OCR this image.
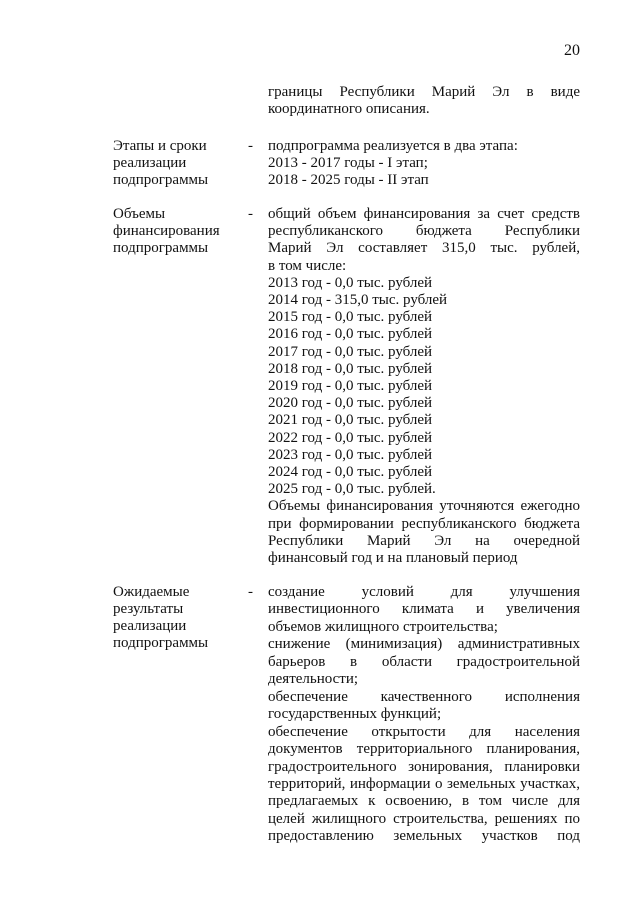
20
границы Республики Марий Эл в виде
координатного описания.
Этапы и сроки
реализации
подпрограммы
- подпрограмма реализуется в два этапа:
2013 - 2017 годы - I этап;
2018 - 2025 годы - II этап
Объемы
финансирования
подпрограммы
- общий объем финансирования за счет средств
республиканского бюджета Республики
Марий Эл составляет 315,0 тыс. рублей,
в том числе:
2013 год - 0,0 тыс. рублей
2014 год - 315,0 тыс. рублей
2015 год - 0,0 тыс. рублей
2016 год - 0,0 тыс. рублей
2017 год - 0,0 тыс. рублей
2018 год - 0,0 тыс. рублей
2019 год - 0,0 тыс. рублей
2020 год - 0,0 тыс. рублей
2021 год - 0,0 тыс. рублей
2022 год - 0,0 тыс. рублей
2023 год - 0,0 тыс. рублей
2024 год - 0,0 тыс. рублей
2025 год - 0,0 тыс. рублей.
Объемы финансирования уточняются ежегодно
при формировании республиканского бюджета
Республики Марий Эл на очередной
финансовый год и на плановый период
Ожидаемые
результаты
реализации
подпрограммы
- создание условий для улучшения
инвестиционного климата и увеличения
объемов жилищного строительства;
снижение (минимизация) административных
барьеров в области градостроительной
деятельности;
обеспечение качественного исполнения
государственных функций;
обеспечение открытости для населения
документов территориального планирования,
градостроительного зонирования, планировки
территорий, информации о земельных участках,
предлагаемых к освоению, в том числе для
целей жилищного строительства, решениях по
предоставлению земельных участков под
